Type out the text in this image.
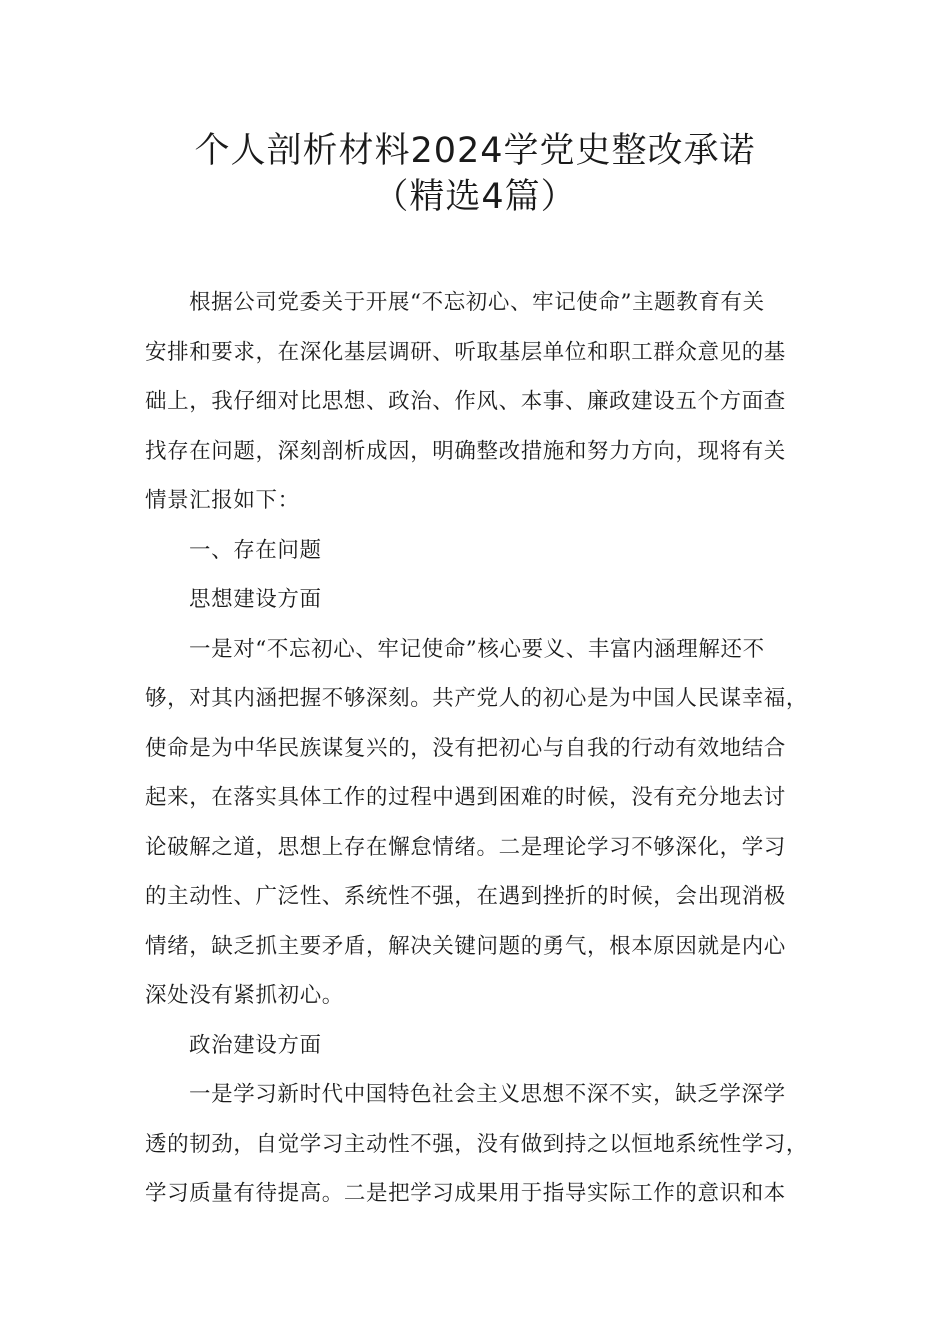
个人剖析材料2024学党史整改承诺
（精选4篇）
根据公司党委关于开展“不忘初心、牢记使命”主题教育有关
安排和要求，在深化基层调研、听取基层单位和职工群众意见的基
础上，我仔细对比思想、政治、作风、本事、廉政建设五个方面查
找存在问题，深刻剖析成因，明确整改措施和努力方向，现将有关
情景汇报如下：
一、存在问题
思想建设方面
一是对“不忘初心、牢记使命”核心要义、丰富内涵理解还不
够，对其内涵把握不够深刻。共产党人的初心是为中国人民谋幸福，
使命是为中华民族谋复兴的，没有把初心与自我的行动有效地结合
起来，在落实具体工作的过程中遇到困难的时候，没有充分地去讨
论破解之道，思想上存在懈怠情绪。二是理论学习不够深化，学习
的主动性、广泛性、系统性不强，在遇到挫折的时候，会出现消极
情绪，缺乏抓主要矛盾，解决关键问题的勇气，根本原因就是内心
深处没有紧抓初心。
政治建设方面
一是学习新时代中国特色社会主义思想不深不实，缺乏学深学
透的韧劲，自觉学习主动性不强，没有做到持之以恒地系统性学习，
学习质量有待提高。二是把学习成果用于指导实际工作的意识和本
